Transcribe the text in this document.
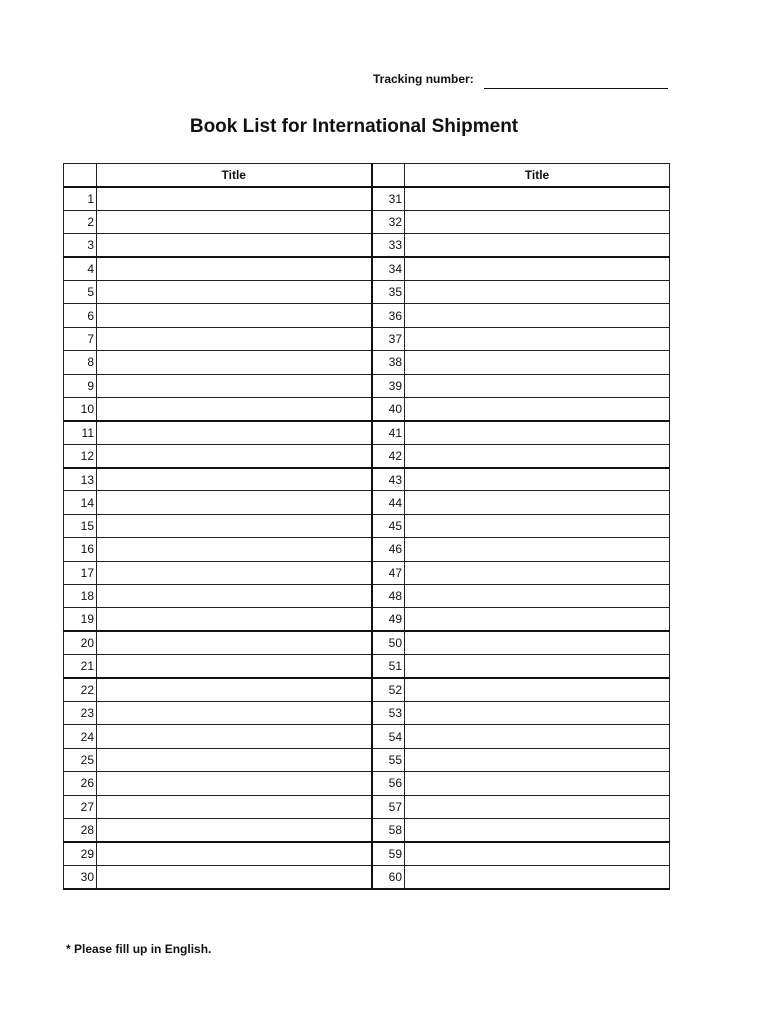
Tracking number:
Book List for International Shipment
	Title		Title
1		31	
2		32	
3		33	
4		34	
5		35	
6		36	
7		37	
8		38	
9		39	
10		40	
11		41	
12		42	
13		43	
14		44	
15		45	
16		46	
17		47	
18		48	
19		49	
20		50	
21		51	
22		52	
23		53	
24		54	
25		55	
26		56	
27		57	
28		58	
29		59	
30		60	
* Please fill up in English.
